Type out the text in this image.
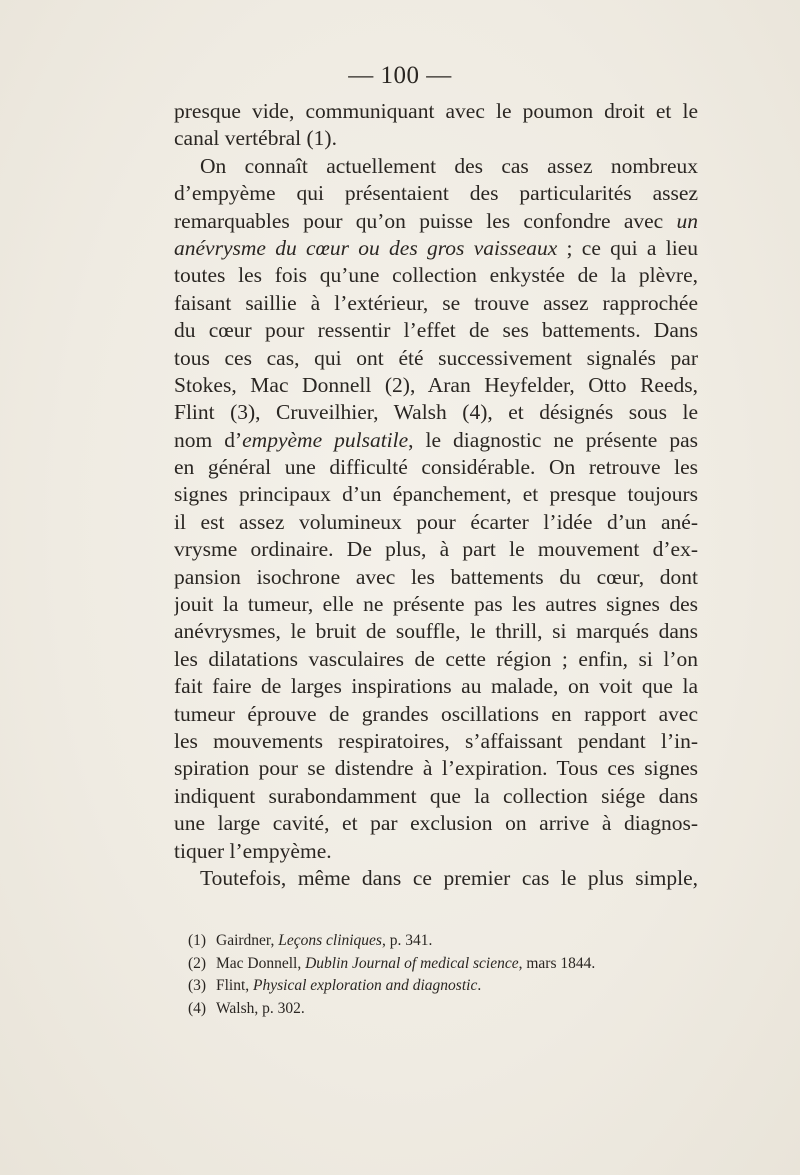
— 100 —
presque vide, communiquant avec le poumon droit et le
canal vertébral (1).
On connaît actuellement des cas assez nombreux
d’empyème qui présentaient des particularités assez
remarquables pour qu’on puisse les confondre avec un
anévrysme du cœur ou des gros vaisseaux ; ce qui a lieu
toutes les fois qu’une collection enkystée de la plèvre,
faisant saillie à l’extérieur, se trouve assez rapprochée
du cœur pour ressentir l’effet de ses battements. Dans
tous ces cas, qui ont été successivement signalés par
Stokes, Mac Donnell (2), Aran Heyfelder, Otto Reeds,
Flint (3), Cruveilhier, Walsh (4), et désignés sous le
nom d’empyème pulsatile, le diagnostic ne présente pas
en général une difficulté considérable. On retrouve les
signes principaux d’un épanchement, et presque toujours
il est assez volumineux pour écarter l’idée d’un ané-
vrysme ordinaire. De plus, à part le mouvement d’ex-
pansion isochrone avec les battements du cœur, dont
jouit la tumeur, elle ne présente pas les autres signes des
anévrysmes, le bruit de souffle, le thrill, si marqués dans
les dilatations vasculaires de cette région ; enfin, si l’on
fait faire de larges inspirations au malade, on voit que la
tumeur éprouve de grandes oscillations en rapport avec
les mouvements respiratoires, s’affaissant pendant l’in-
spiration pour se distendre à l’expiration. Tous ces signes
indiquent surabondamment que la collection siége dans
une large cavité, et par exclusion on arrive à diagnos-
tiquer l’empyème.
Toutefois, même dans ce premier cas le plus simple,
(1) Gairdner, Leçons cliniques, p. 341.
(2) Mac Donnell, Dublin Journal of medical science, mars 1844.
(3) Flint, Physical exploration and diagnostic.
(4) Walsh, p. 302.
